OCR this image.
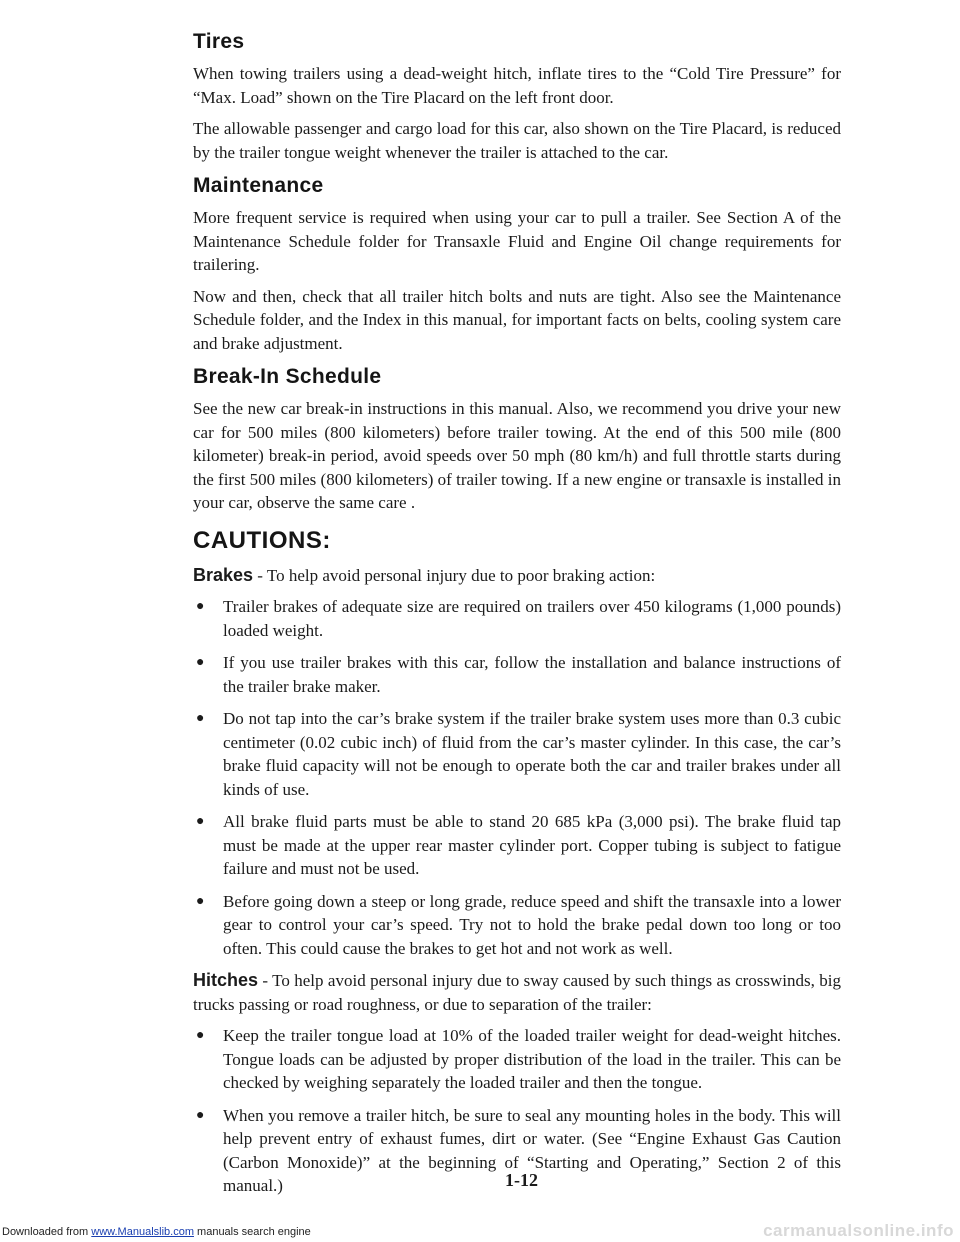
Tires

When towing trailers using a dead-weight hitch, inflate tires to the “Cold Tire Pressure” for “Max. Load” shown on the Tire Placard on the left front door.

The allowable passenger and cargo load for this car, also shown on the Tire Placard, is reduced by the trailer tongue weight whenever the trailer is attached to the car.

Maintenance

More frequent service is required when using your car to pull a trailer. See Section A of the Maintenance Schedule folder for Transaxle Fluid and Engine Oil change requirements for trailering.

Now and then, check that all trailer hitch bolts and nuts are tight. Also see the Maintenance Schedule folder, and the Index in this manual, for important facts on belts, cooling system care and brake adjustment.

Break-In Schedule

See the new car break-in instructions in this manual. Also, we recommend you drive your new car for 500 miles (800 kilometers) before trailer towing. At the end of this 500 mile (800 kilometer) break-in period, avoid speeds over 50 mph (80 km/h) and full throttle starts during the first 500 miles (800 kilometers) of trailer towing. If a new engine or transaxle is installed in your car, observe the same care .

CAUTIONS:

Brakes - To help avoid personal injury due to poor braking action:

● Trailer brakes of adequate size are required on trailers over 450 kilograms (1,000 pounds) loaded weight.
● If you use trailer brakes with this car, follow the installation and balance instructions of the trailer brake maker.
● Do not tap into the car’s brake system if the trailer brake system uses more than 0.3 cubic centimeter (0.02 cubic inch) of fluid from the car’s master cylinder. In this case, the car’s brake fluid capacity will not be enough to operate both the car and trailer brakes under all kinds of use.
● All brake fluid parts must be able to stand 20 685 kPa (3,000 psi). The brake fluid tap must be made at the upper rear master cylinder port. Copper tubing is subject to fatigue failure and must not be used.
● Before going down a steep or long grade, reduce speed and shift the transaxle into a lower gear to control your car’s speed. Try not to hold the brake pedal down too long or too often. This could cause the brakes to get hot and not work as well.

Hitches - To help avoid personal injury due to sway caused by such things as crosswinds, big trucks passing or road roughness, or due to separation of the trailer:

● Keep the trailer tongue load at 10% of the loaded trailer weight for dead-weight hitches. Tongue loads can be adjusted by proper distribution of the load in the trailer. This can be checked by weighing separately the loaded trailer and then the tongue.
● When you remove a trailer hitch, be sure to seal any mounting holes in the body. This will help prevent entry of exhaust fumes, dirt or water. (See “Engine Exhaust Gas Caution (Carbon Monoxide)” at the beginning of “Starting and Operating,” Section 2 of this manual.)	1-12
Downloaded from www.Manualslib.com manuals search engine	carmanualsonline.info
